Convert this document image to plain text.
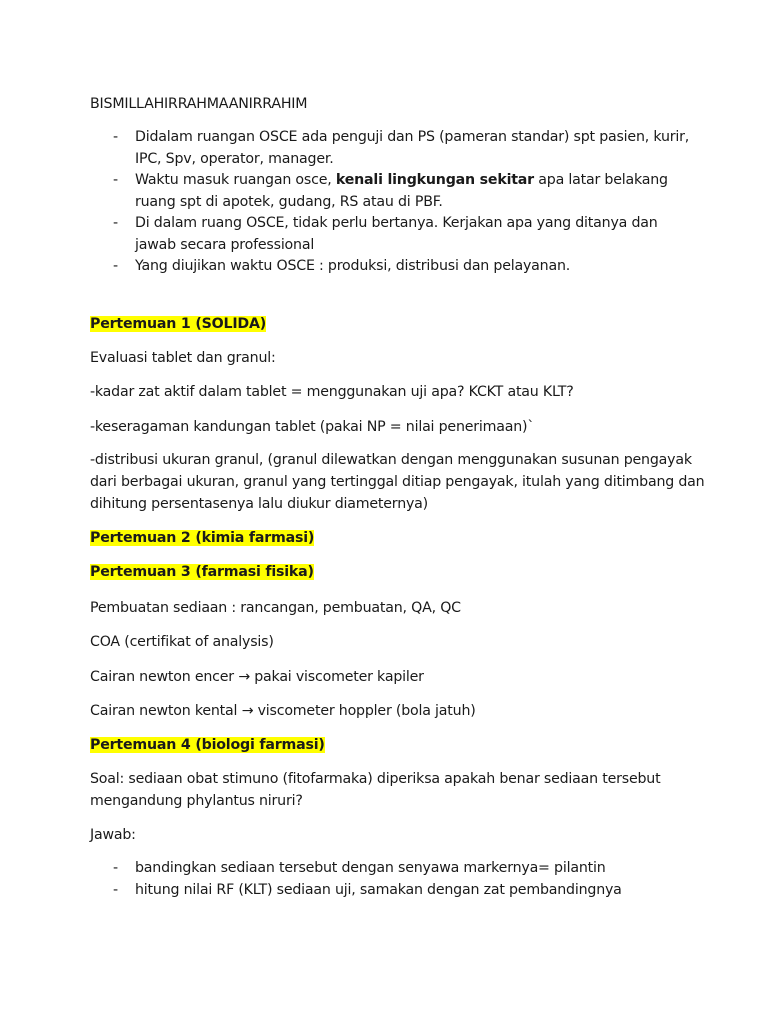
BISMILLAHIRRAHMAANIRRAHIM
- Didalam ruangan OSCE ada penguji dan PS (pameran standar) spt pasien, kurir,
IPC, Spv, operator, manager.
- Waktu masuk ruangan osce, kenali lingkungan sekitar apa latar belakang
ruang spt di apotek, gudang, RS atau di PBF.
- Di dalam ruang OSCE, tidak perlu bertanya. Kerjakan apa yang ditanya dan
jawab secara professional
- Yang diujikan waktu OSCE : produksi, distribusi dan pelayanan.
Pertemuan 1 (SOLIDA)
Evaluasi tablet dan granul:
-kadar zat aktif dalam tablet = menggunakan uji apa? KCKT atau KLT?
-keseragaman kandungan tablet (pakai NP = nilai penerimaan)`
-distribusi ukuran granul, (granul dilewatkan dengan menggunakan susunan pengayak
dari berbagai ukuran, granul yang tertinggal ditiap pengayak, itulah yang ditimbang dan
dihitung persentasenya lalu diukur diameternya)
Pertemuan 2 (kimia farmasi)
Pertemuan 3 (farmasi fisika)
Pembuatan sediaan : rancangan, pembuatan, QA, QC
COA (certifikat of analysis)
Cairan newton encer → pakai viscometer kapiler
Cairan newton kental → viscometer hoppler (bola jatuh)
Pertemuan 4 (biologi farmasi)
Soal: sediaan obat stimuno (fitofarmaka) diperiksa apakah benar sediaan tersebut
mengandung phylantus niruri?
Jawab:
- bandingkan sediaan tersebut dengan senyawa markernya= pilantin
- hitung nilai RF (KLT) sediaan uji, samakan dengan zat pembandingnya
